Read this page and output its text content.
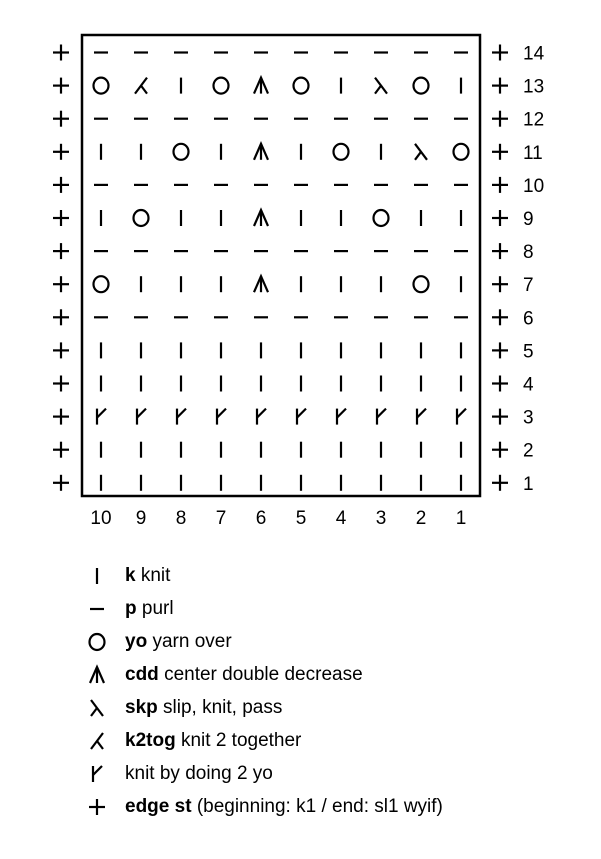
14
13
12
11
10
9
8
7
6
5
4
3
2
1
10 9 8 7 6 5 4 3 2 1
k knit
p purl
yo yarn over
cdd center double decrease
skp slip, knit, pass
k2tog knit 2 together
knit by doing 2 yo
edge st (beginning: k1 / end: sl1 wyif)
